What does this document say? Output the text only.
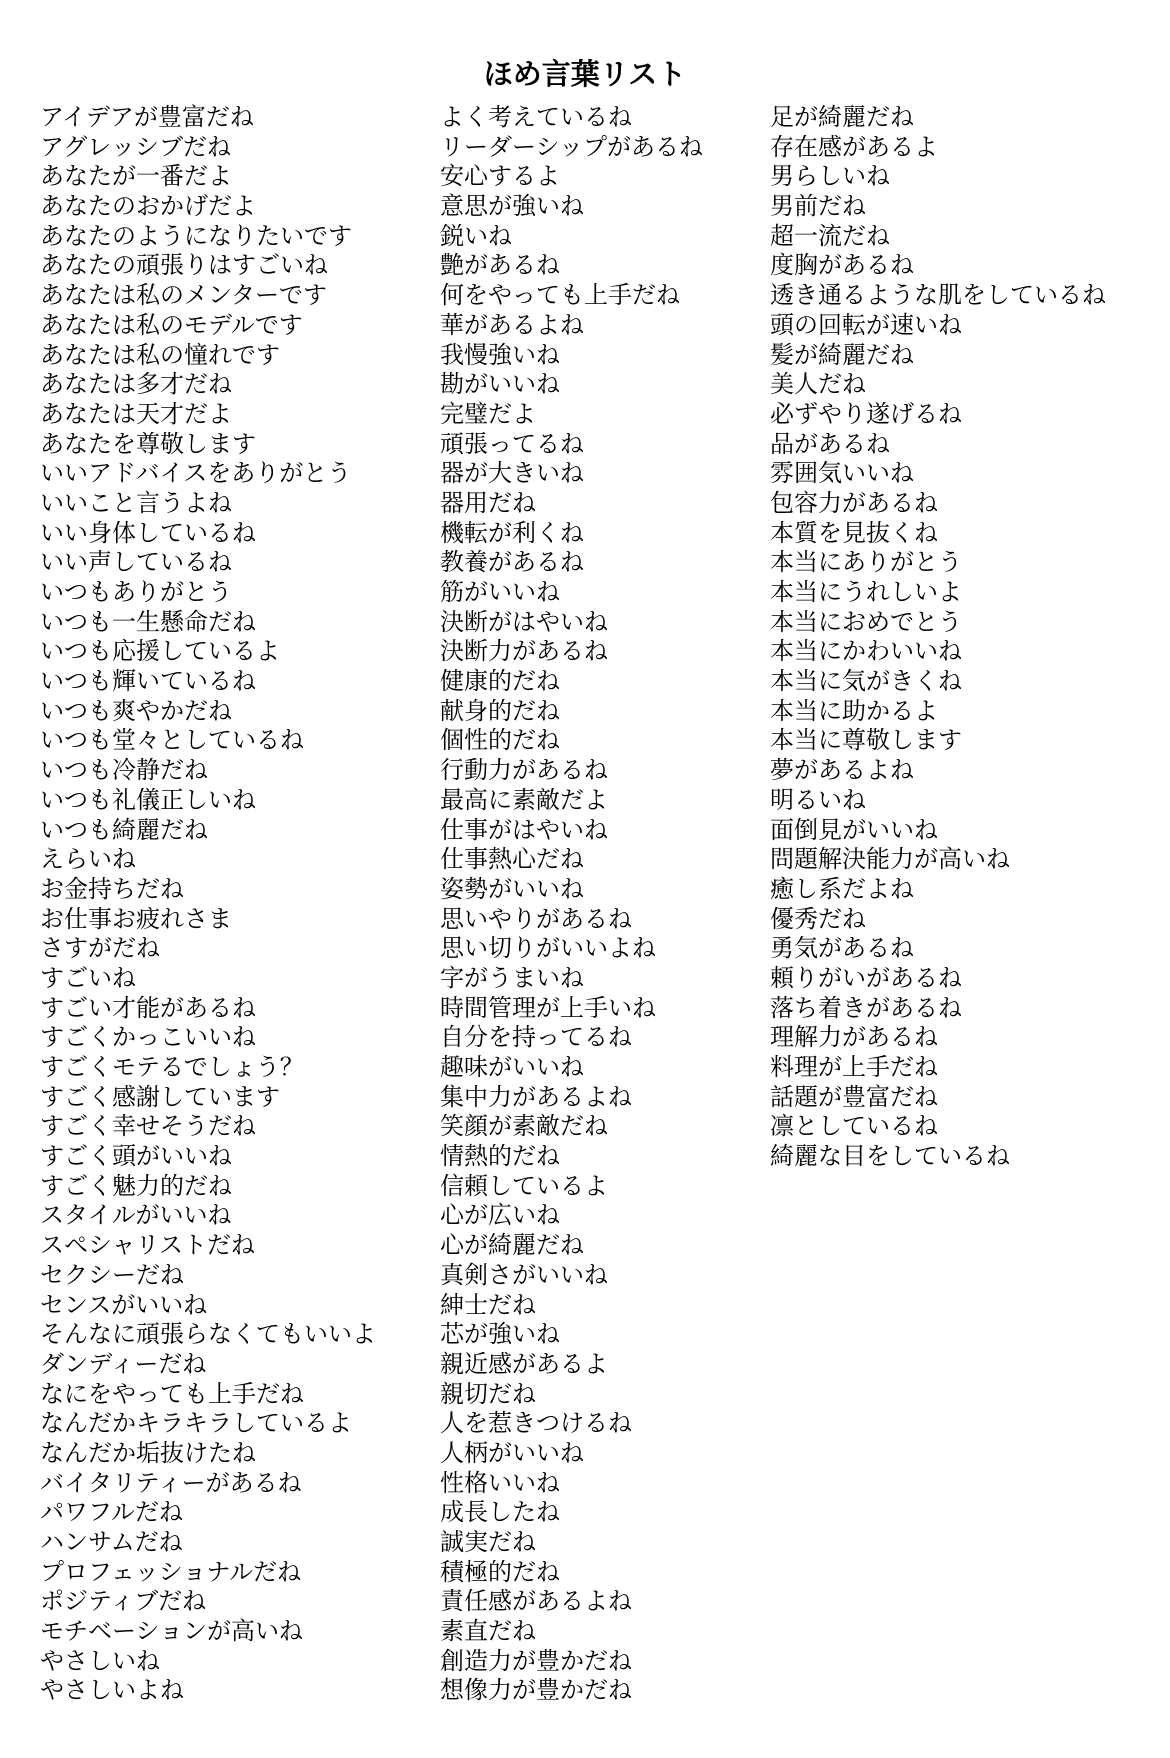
ほめ言葉リスト
アイデアが豊富だね
アグレッシブだね
あなたが一番だよ
あなたのおかげだよ
あなたのようになりたいです
あなたの頑張りはすごいね
あなたは私のメンターです
あなたは私のモデルです
あなたは私の憧れです
あなたは多才だね
あなたは天才だよ
あなたを尊敬します
いいアドバイスをありがとう
いいこと言うよね
いい身体しているね
いい声しているね
いつもありがとう
いつも一生懸命だね
いつも応援しているよ
いつも輝いているね
いつも爽やかだね
いつも堂々としているね
いつも冷静だね
いつも礼儀正しいね
いつも綺麗だね
えらいね
お金持ちだね
お仕事お疲れさま
さすがだね
すごいね
すごい才能があるね
すごくかっこいいね
すごくモテるでしょう？
すごく感謝しています
すごく幸せそうだね
すごく頭がいいね
すごく魅力的だね
スタイルがいいね
スペシャリストだね
セクシーだね
センスがいいね
そんなに頑張らなくてもいいよ
ダンディーだね
なにをやっても上手だね
なんだかキラキラしているよ
なんだか垢抜けたね
バイタリティーがあるね
パワフルだね
ハンサムだね
プロフェッショナルだね
ポジティブだね
モチベーションが高いね
やさしいね
やさしいよね
よく考えているね
リーダーシップがあるね
安心するよ
意思が強いね
鋭いね
艶があるね
何をやっても上手だね
華があるよね
我慢強いね
勘がいいね
完璧だよ
頑張ってるね
器が大きいね
器用だね
機転が利くね
教養があるね
筋がいいね
決断がはやいね
決断力があるね
健康的だね
献身的だね
個性的だね
行動力があるね
最高に素敵だよ
仕事がはやいね
仕事熱心だね
姿勢がいいね
思いやりがあるね
思い切りがいいよね
字がうまいね
時間管理が上手いね
自分を持ってるね
趣味がいいね
集中力があるよね
笑顔が素敵だね
情熱的だね
信頼しているよ
心が広いね
心が綺麗だね
真剣さがいいね
紳士だね
芯が強いね
親近感があるよ
親切だね
人を惹きつけるね
人柄がいいね
性格いいね
成長したね
誠実だね
積極的だね
責任感があるよね
素直だね
創造力が豊かだね
想像力が豊かだね
足が綺麗だね
存在感があるよ
男らしいね
男前だね
超一流だね
度胸があるね
透き通るような肌をしているね
頭の回転が速いね
髪が綺麗だね
美人だね
必ずやり遂げるね
品があるね
雰囲気いいね
包容力があるね
本質を見抜くね
本当にありがとう
本当にうれしいよ
本当におめでとう
本当にかわいいね
本当に気がきくね
本当に助かるよ
本当に尊敬します
夢があるよね
明るいね
面倒見がいいね
問題解決能力が高いね
癒し系だよね
優秀だね
勇気があるね
頼りがいがあるね
落ち着きがあるね
理解力があるね
料理が上手だね
話題が豊富だね
凛としているね
綺麗な目をしているね
